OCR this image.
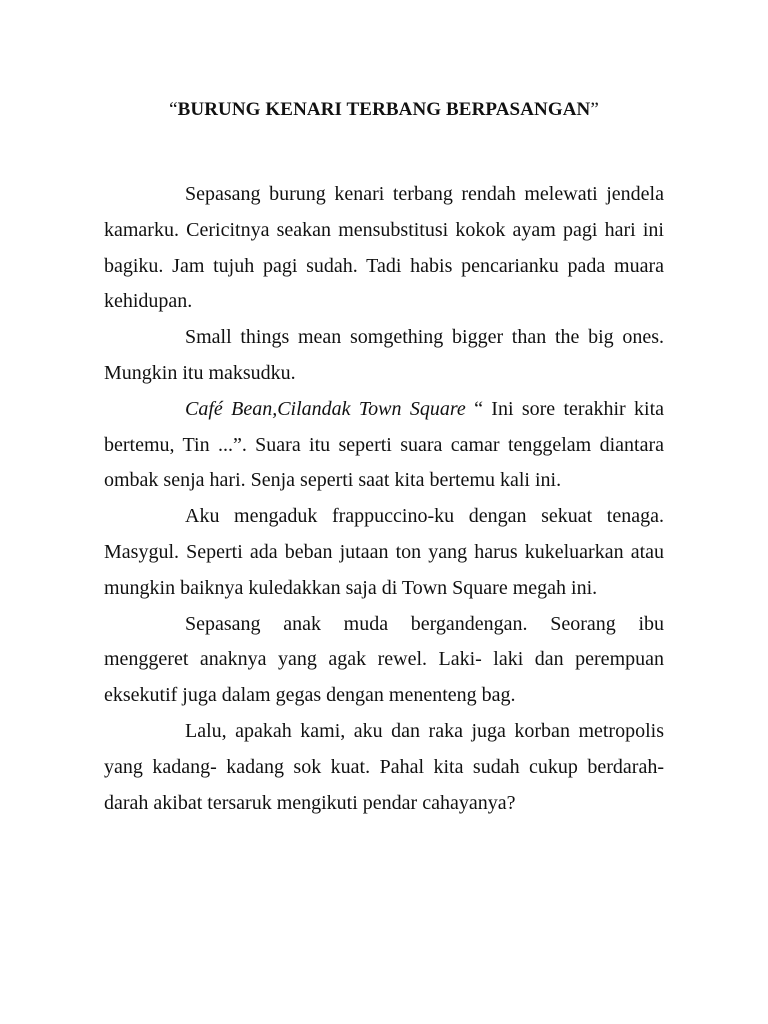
“BURUNG KENARI TERBANG BERPASANGAN”

Sepasang burung kenari terbang rendah melewati jendela kamarku. Cericitnya seakan mensubstitusi kokok ayam pagi hari ini bagiku. Jam tujuh pagi sudah. Tadi habis pencarianku pada muara kehidupan.

Small things mean somgething bigger than the big ones. Mungkin itu maksudku.

Café Bean,Cilandak Town Square “ Ini sore terakhir kita bertemu, Tin ...”. Suara itu seperti suara camar tenggelam diantara ombak senja hari. Senja seperti saat kita bertemu kali ini.

Aku mengaduk frappuccino-ku dengan sekuat tenaga. Masygul. Seperti ada beban jutaan ton yang harus kukeluarkan atau mungkin baiknya kuledakkan saja di Town Square megah ini.

Sepasang anak muda bergandengan. Seorang ibu menggeret anaknya yang agak rewel. Laki- laki dan perempuan eksekutif juga dalam gegas dengan menenteng bag.

Lalu, apakah kami, aku dan raka juga korban metropolis yang kadang- kadang sok kuat. Pahal kita sudah cukup berdarah- darah akibat tersaruk mengikuti pendar cahayanya?
